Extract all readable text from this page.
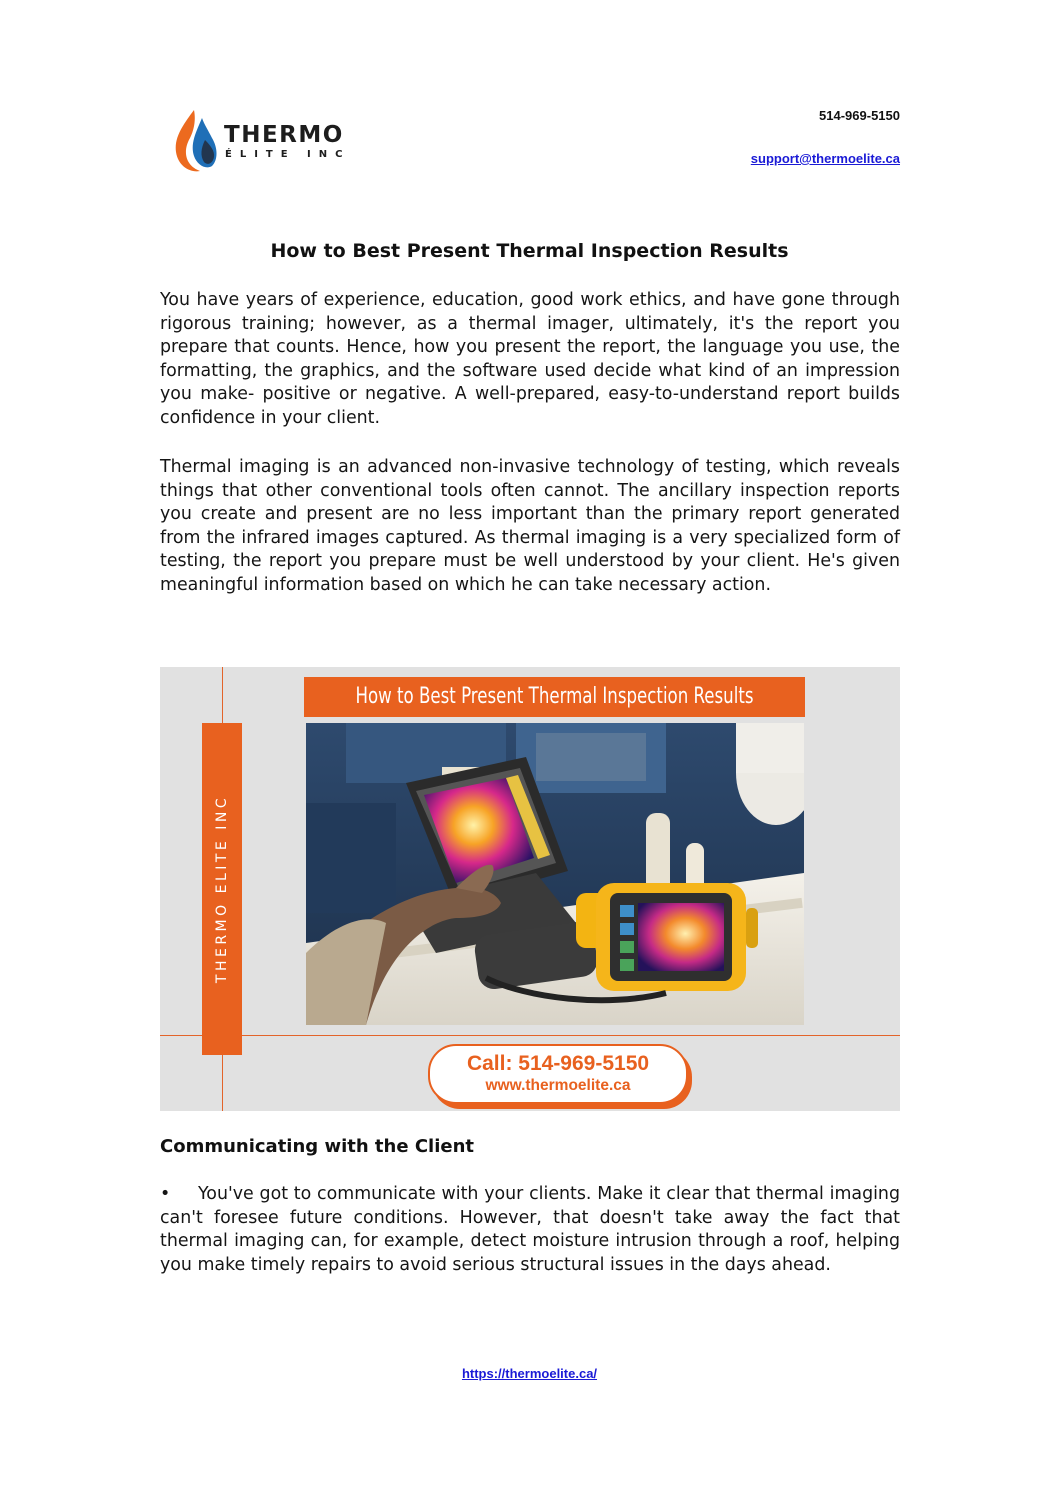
THERMO
ÉLITE INC
514-969-5150
support@thermoelite.ca
How to Best Present Thermal Inspection Results
You have years of experience, education, good work ethics, and have gone through rigorous training; however, as a thermal imager, ultimately, it's the report you prepare that counts. Hence, how you present the report, the language you use, the formatting, the graphics, and the software used decide what kind of an impression you make- positive or negative. A well-prepared, easy-to-understand report builds confidence in your client.
Thermal imaging is an advanced non-invasive technology of testing, which reveals things that other conventional tools often cannot. The ancillary inspection reports you create and present are no less important than the primary report generated from the infrared images captured. As thermal imaging is a very specialized form of testing, the report you prepare must be well understood by your client. He's given meaningful information based on which he can take necessary action.
THERMO ELITE INC
How to Best Present Thermal Inspection Results
Call: 514-969-5150
www.thermoelite.ca
Communicating with the Client
• You've got to communicate with your clients. Make it clear that thermal imaging can't foresee future conditions. However, that doesn't take away the fact that thermal imaging can, for example, detect moisture intrusion through a roof, helping you make timely repairs to avoid serious structural issues in the days ahead.
https://thermoelite.ca/
